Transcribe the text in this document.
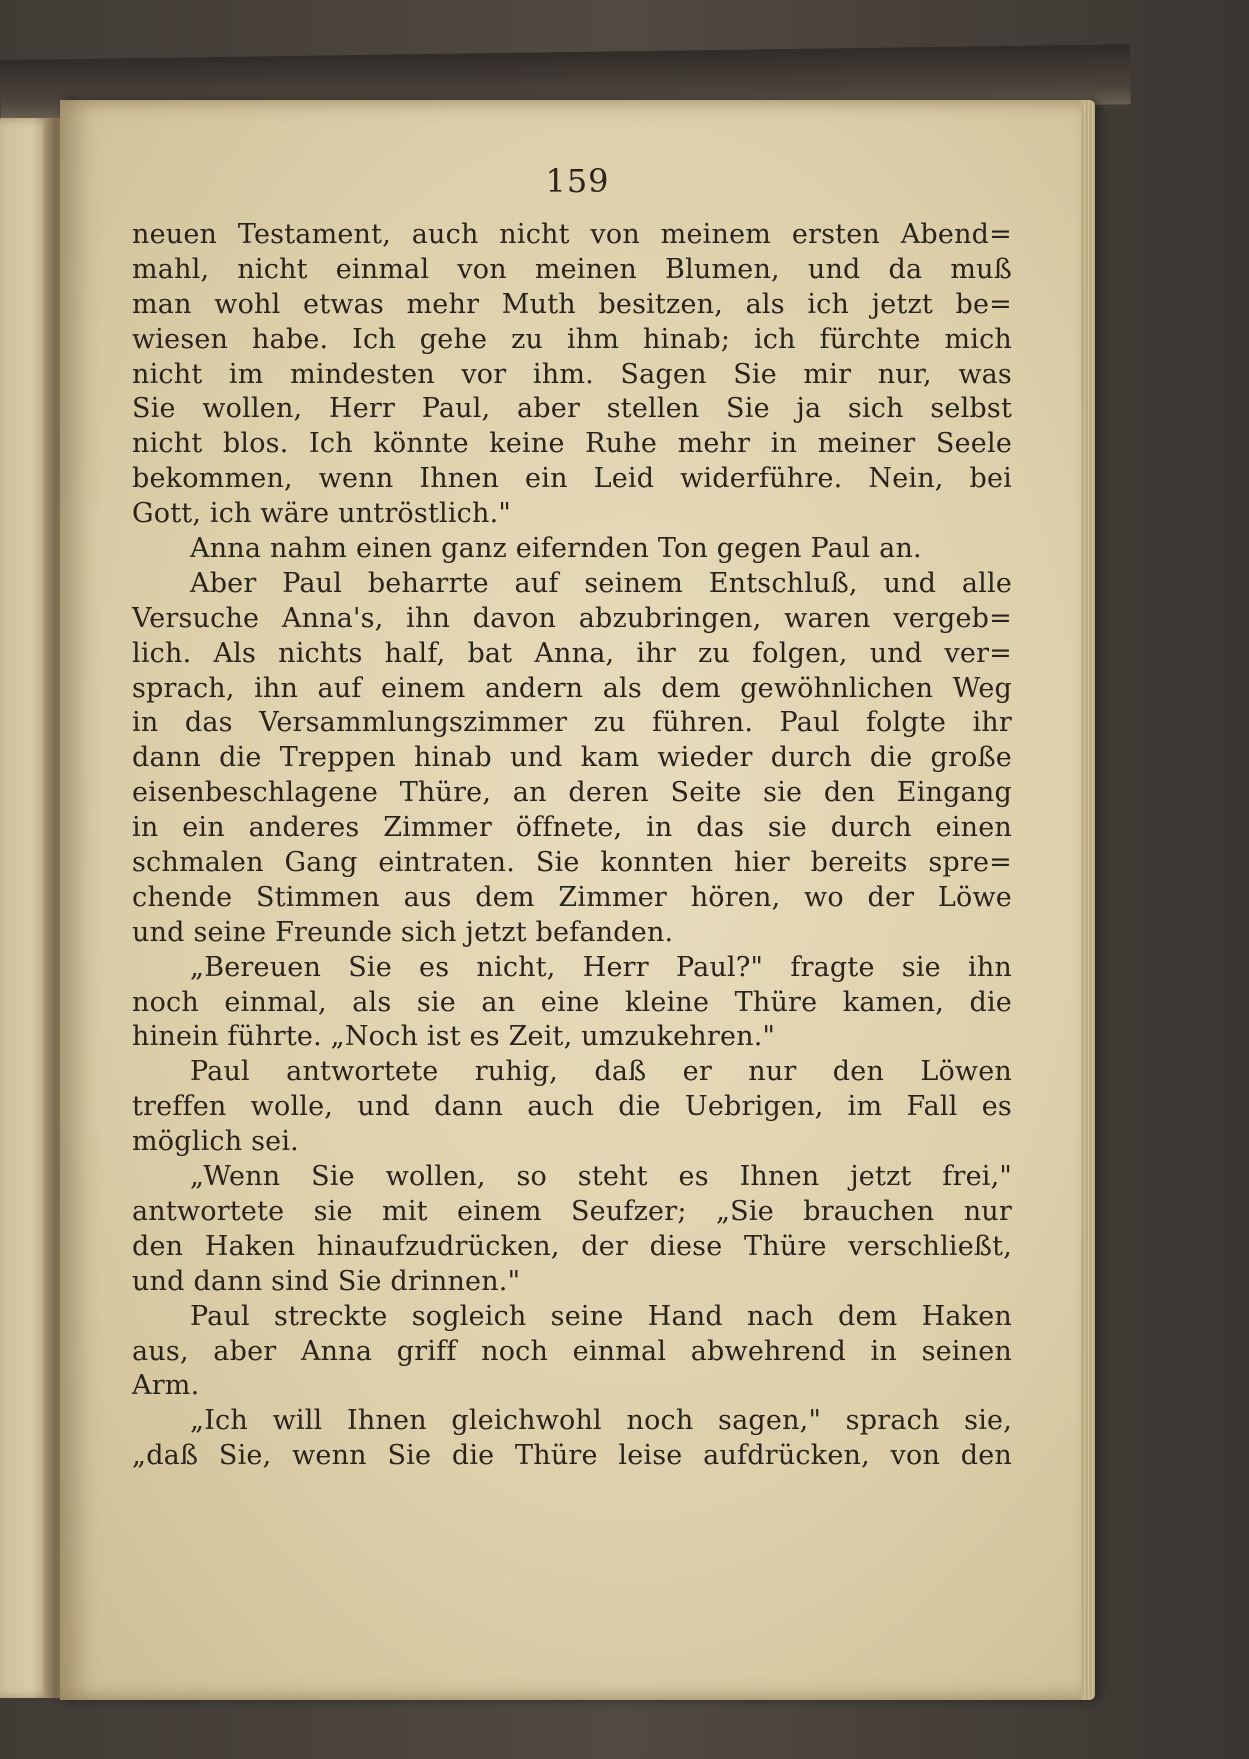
159
neuen Testament, auch nicht von meinem ersten Abend=
mahl, nicht einmal von meinen Blumen, und da muß
man wohl etwas mehr Muth besitzen, als ich jetzt be=
wiesen habe. Ich gehe zu ihm hinab; ich fürchte mich
nicht im mindesten vor ihm. Sagen Sie mir nur, was
Sie wollen, Herr Paul, aber stellen Sie ja sich selbst
nicht blos. Ich könnte keine Ruhe mehr in meiner Seele
bekommen, wenn Ihnen ein Leid widerführe. Nein, bei
Gott, ich wäre untröstlich."
Anna nahm einen ganz eifernden Ton gegen Paul an.
Aber Paul beharrte auf seinem Entschluß, und alle
Versuche Anna's, ihn davon abzubringen, waren vergeb=
lich. Als nichts half, bat Anna, ihr zu folgen, und ver=
sprach, ihn auf einem andern als dem gewöhnlichen Weg
in das Versammlungszimmer zu führen. Paul folgte ihr
dann die Treppen hinab und kam wieder durch die große
eisenbeschlagene Thüre, an deren Seite sie den Eingang
in ein anderes Zimmer öffnete, in das sie durch einen
schmalen Gang eintraten. Sie konnten hier bereits spre=
chende Stimmen aus dem Zimmer hören, wo der Löwe
und seine Freunde sich jetzt befanden.
„Bereuen Sie es nicht, Herr Paul?" fragte sie ihn
noch einmal, als sie an eine kleine Thüre kamen, die
hinein führte. „Noch ist es Zeit, umzukehren."
Paul antwortete ruhig, daß er nur den Löwen
treffen wolle, und dann auch die Uebrigen, im Fall es
möglich sei.
„Wenn Sie wollen, so steht es Ihnen jetzt frei,"
antwortete sie mit einem Seufzer; „Sie brauchen nur
den Haken hinaufzudrücken, der diese Thüre verschließt,
und dann sind Sie drinnen."
Paul streckte sogleich seine Hand nach dem Haken
aus, aber Anna griff noch einmal abwehrend in seinen
Arm.
„Ich will Ihnen gleichwohl noch sagen," sprach sie,
„daß Sie, wenn Sie die Thüre leise aufdrücken, von den
